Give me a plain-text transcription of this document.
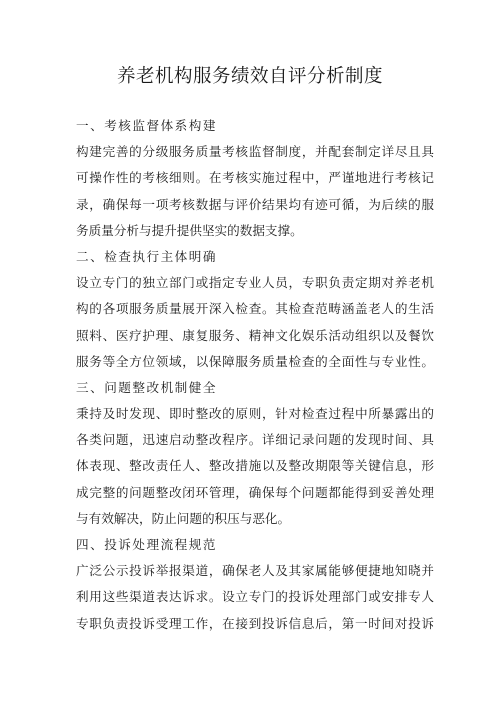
养老机构服务绩效自评分析制度
一、考核监督体系构建
构建完善的分级服务质量考核监督制度，并配套制定详尽且具
可操作性的考核细则。在考核实施过程中，严谨地进行考核记
录，确保每一项考核数据与评价结果均有迹可循，为后续的服
务质量分析与提升提供坚实的数据支撑。
二、检查执行主体明确
设立专门的独立部门或指定专业人员，专职负责定期对养老机
构的各项服务质量展开深入检查。其检查范畴涵盖老人的生活
照料、医疗护理、康复服务、精神文化娱乐活动组织以及餐饮
服务等全方位领域，以保障服务质量检查的全面性与专业性。
三、问题整改机制健全
秉持及时发现、即时整改的原则，针对检查过程中所暴露出的
各类问题，迅速启动整改程序。详细记录问题的发现时间、具
体表现、整改责任人、整改措施以及整改期限等关键信息，形
成完整的问题整改闭环管理，确保每个问题都能得到妥善处理
与有效解决，防止问题的积压与恶化。
四、投诉处理流程规范
广泛公示投诉举报渠道，确保老人及其家属能够便捷地知晓并
利用这些渠道表达诉求。设立专门的投诉处理部门或安排专人
专职负责投诉受理工作，在接到投诉信息后，第一时间对投诉
